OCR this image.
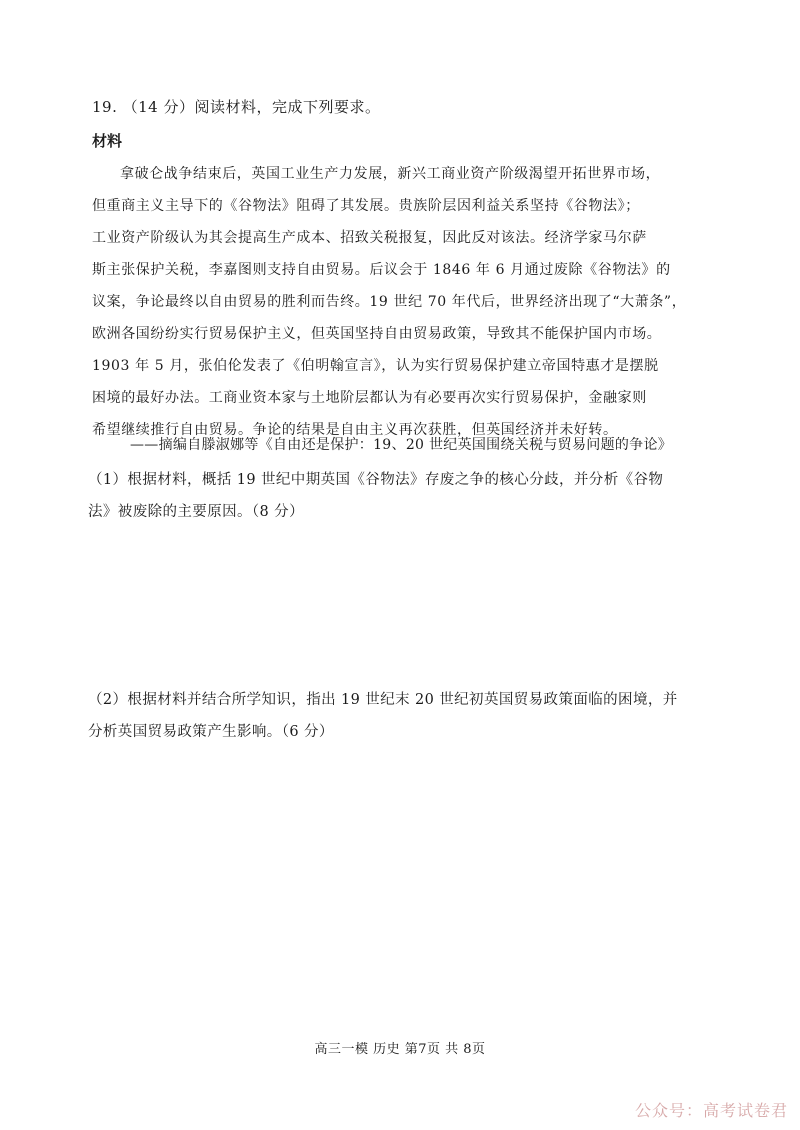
19. （14 分）阅读材料，完成下列要求。
材料
拿破仑战争结束后，英国工业生产力发展，新兴工商业资产阶级渴望开拓世界市场，
但重商主义主导下的《谷物法》阻碍了其发展。贵族阶层因利益关系坚持《谷物法》；
工业资产阶级认为其会提高生产成本、招致关税报复，因此反对该法。经济学家马尔萨
斯主张保护关税，李嘉图则支持自由贸易。后议会于 1846 年 6 月通过废除《谷物法》的
议案，争论最终以自由贸易的胜利而告终。19 世纪 70 年代后，世界经济出现了“大萧条”，
欧洲各国纷纷实行贸易保护主义，但英国坚持自由贸易政策，导致其不能保护国内市场。
1903 年 5 月，张伯伦发表了《伯明翰宣言》，认为实行贸易保护建立帝国特惠才是摆脱
困境的最好办法。工商业资本家与土地阶层都认为有必要再次实行贸易保护，金融家则
希望继续推行自由贸易。争论的结果是自由主义再次获胜，但英国经济并未好转。
——摘编自滕淑娜等《自由还是保护：19、20 世纪英国围绕关税与贸易问题的争论》
（1）根据材料，概括 19 世纪中期英国《谷物法》存废之争的核心分歧，并分析《谷物
法》被废除的主要原因。（8 分）
（2）根据材料并结合所学知识，指出 19 世纪末 20 世纪初英国贸易政策面临的困境，并
分析英国贸易政策产生影响。（6 分）
高三一模 历史 第7页 共 8页
公众号：高考试卷君
